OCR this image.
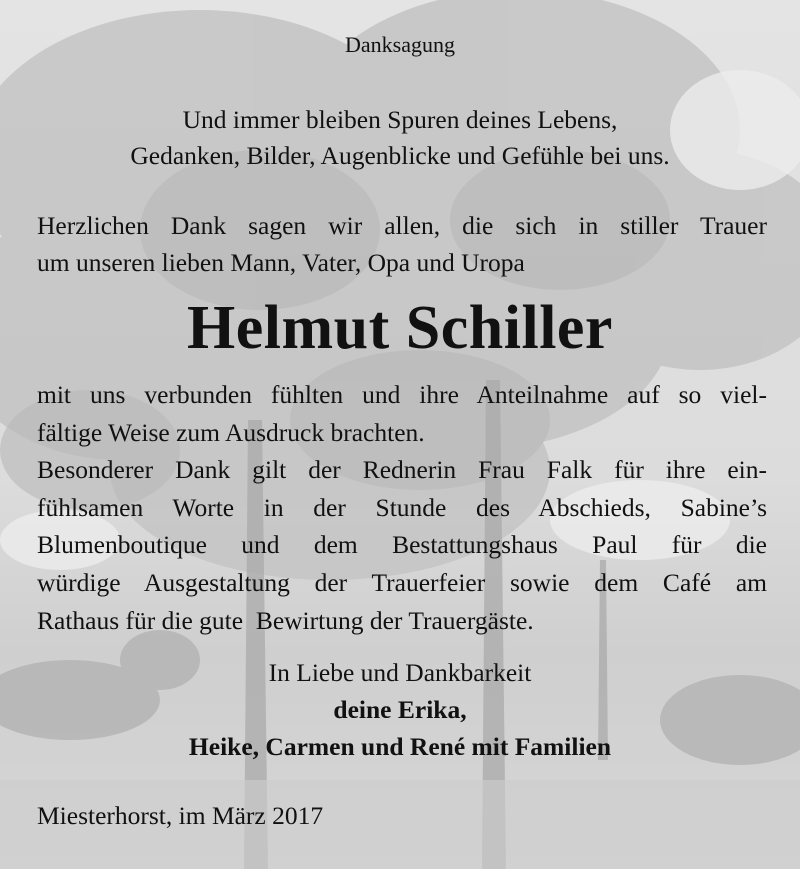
Danksagung
Und immer bleiben Spuren deines Lebens,
Gedanken, Bilder, Augenblicke und Gefühle bei uns.
Herzlichen Dank sagen wir allen, die sich in stiller Trauer
um unseren lieben Mann, Vater, Opa und Uropa
Helmut Schiller
mit uns verbunden fühlten und ihre Anteilnahme auf so viel-
fältige Weise zum Ausdruck brachten.
Besonderer Dank gilt der Rednerin Frau Falk für ihre ein-
fühlsamen Worte in der Stunde des Abschieds, Sabine’s
Blumenboutique und dem Bestattungshaus Paul für die
würdige Ausgestaltung der Trauerfeier sowie dem Café am
Rathaus für die gute  Bewirtung der Trauergäste.
In Liebe und Dankbarkeit
deine Erika,
Heike, Carmen und René mit Familien
Miesterhorst, im März 2017
